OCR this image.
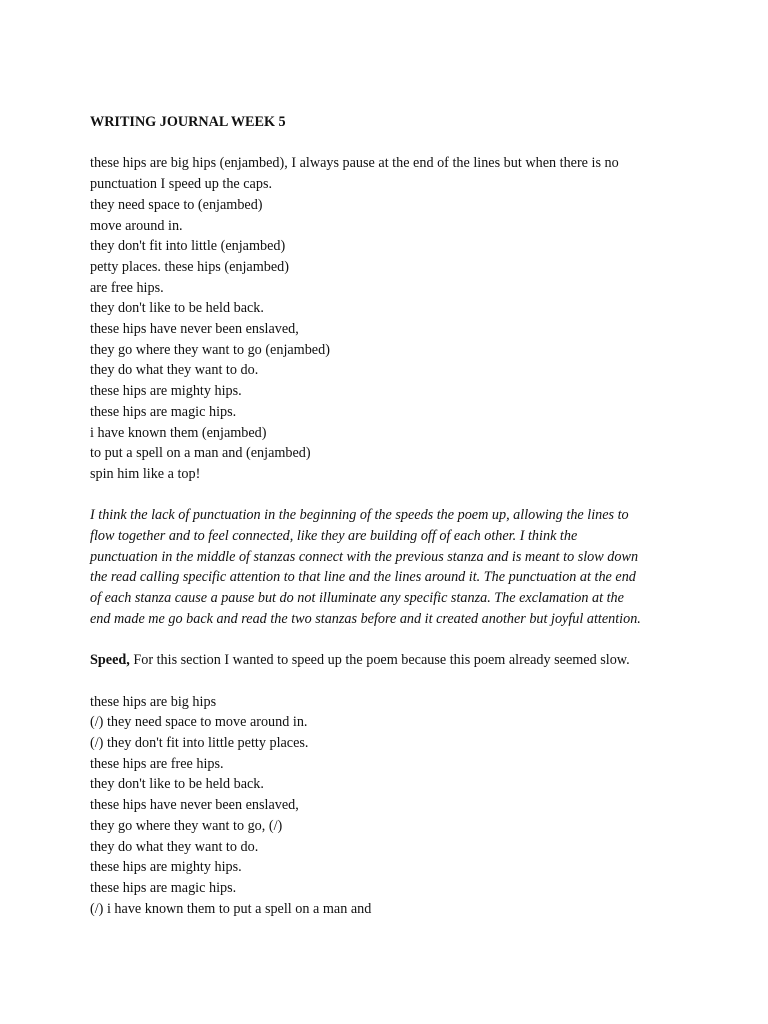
WRITING JOURNAL WEEK 5
these hips are big hips (enjambed), I always pause at the end of the lines but when there is no
punctuation I speed up the caps.
they need space to (enjambed)
move around in.
they don't fit into little (enjambed)
petty places. these hips (enjambed)
are free hips.
they don't like to be held back.
these hips have never been enslaved,
they go where they want to go (enjambed)
they do what they want to do.
these hips are mighty hips.
these hips are magic hips.
i have known them (enjambed)
to put a spell on a man and (enjambed)
spin him like a top!
I think the lack of punctuation in the beginning of the speeds the poem up, allowing the lines to
flow together and to feel connected, like they are building off of each other. I think the
punctuation in the middle of stanzas connect with the previous stanza and is meant to slow down
the read calling specific attention to that line and the lines around it. The punctuation at the end
of each stanza cause a pause but do not illuminate any specific stanza. The exclamation at the
end made me go back and read the two stanzas before and it created another but joyful attention.
Speed, For this section I wanted to speed up the poem because this poem already seemed slow.
these hips are big hips
(/) they need space to move around in.
(/) they don't fit into little petty places.
these hips are free hips.
they don't like to be held back.
these hips have never been enslaved,
they go where they want to go, (/)
they do what they want to do.
these hips are mighty hips.
these hips are magic hips.
(/) i have known them to put a spell on a man and
